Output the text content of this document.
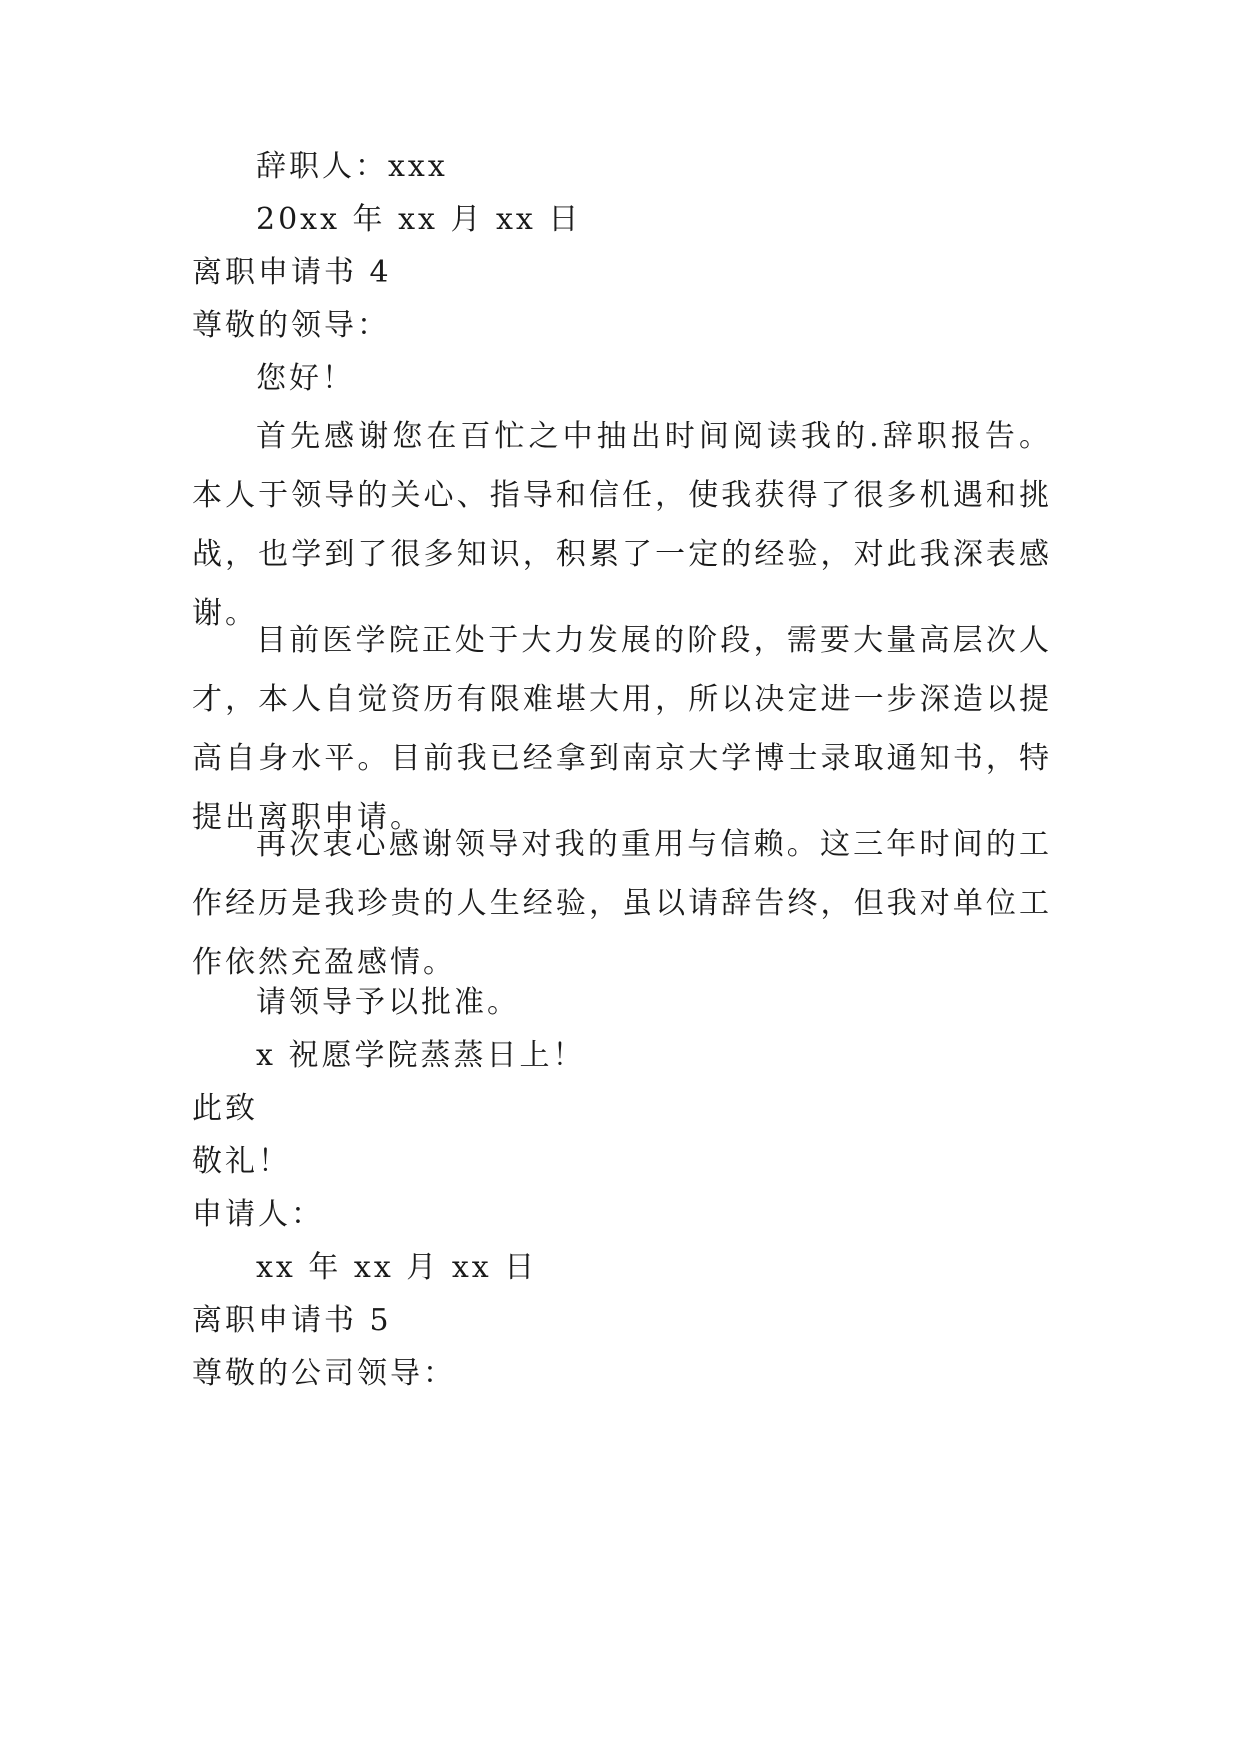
辞职人：xxx
20xx 年 xx 月 xx 日
离职申请书 4
尊敬的领导：
您好！
首先感谢您在百忙之中抽出时间阅读我的.辞职报告。本人于领导的关心、指导和信任，使我获得了很多机遇和挑战，也学到了很多知识，积累了一定的经验，对此我深表感谢。
目前医学院正处于大力发展的阶段，需要大量高层次人才，本人自觉资历有限难堪大用，所以决定进一步深造以提高自身水平。目前我已经拿到南京大学博士录取通知书，特提出离职申请。
再次衷心感谢领导对我的重用与信赖。这三年时间的工作经历是我珍贵的人生经验，虽以请辞告终，但我对单位工作依然充盈感情。
请领导予以批准。
x 祝愿学院蒸蒸日上！
此致
敬礼！
申请人：
xx 年 xx 月 xx 日
离职申请书 5
尊敬的公司领导：
